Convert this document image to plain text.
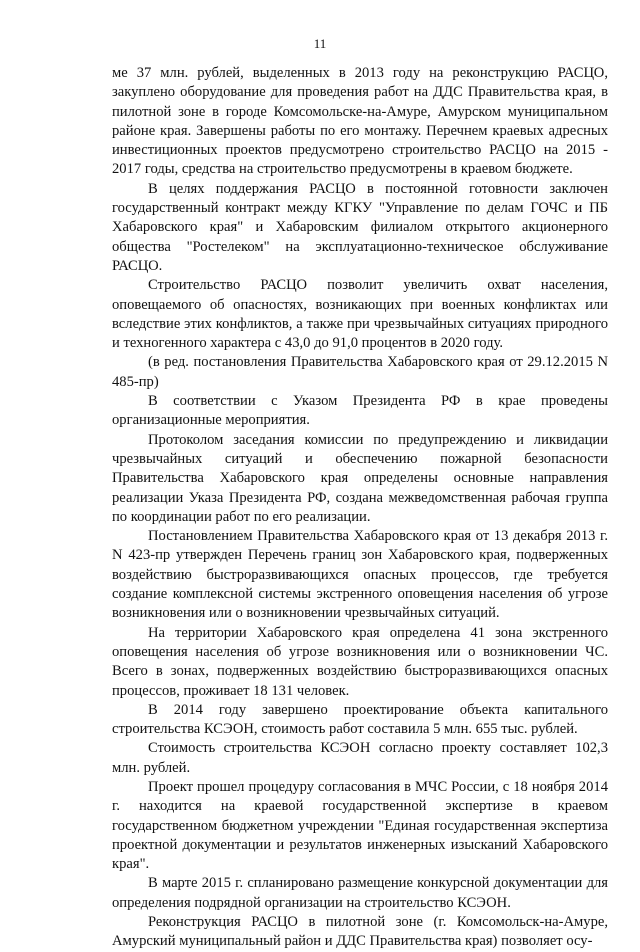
11

ме 37 млн. рублей, выделенных в 2013 году на реконструкцию РАСЦО, закуплено оборудование для проведения работ на ДДС Правительства края, в пилотной зоне в городе Комсомольске-на-Амуре, Амурском муниципальном районе края. Завершены работы по его монтажу. Перечнем краевых адресных инвестиционных проектов предусмотрено строительство РАСЦО на 2015 - 2017 годы, средства на строительство предусмотрены в краевом бюджете.

В целях поддержания РАСЦО в постоянной готовности заключен государственный контракт между КГКУ "Управление по делам ГОЧС и ПБ Хабаровского края" и Хабаровским филиалом открытого акционерного общества "Ростелеком" на эксплуатационно-техническое обслуживание РАСЦО.

Строительство РАСЦО позволит увеличить охват населения, оповещаемого об опасностях, возникающих при военных конфликтах или вследствие этих конфликтов, а также при чрезвычайных ситуациях природного и техногенного характера с 43,0 до 91,0 процентов в 2020 году.

(в ред. постановления Правительства Хабаровского края от 29.12.2015 N 485-пр)

В соответствии с Указом Президента РФ в крае проведены организационные мероприятия.

Протоколом заседания комиссии по предупреждению и ликвидации чрезвычайных ситуаций и обеспечению пожарной безопасности Правительства Хабаровского края определены основные направления реализации Указа Президента РФ, создана межведомственная рабочая группа по координации работ по его реализации.

Постановлением Правительства Хабаровского края от 13 декабря 2013 г. N 423-пр утвержден Перечень границ зон Хабаровского края, подверженных воздействию быстроразвивающихся опасных процессов, где требуется создание комплексной системы экстренного оповещения населения об угрозе возникновения или о возникновении чрезвычайных ситуаций.

На территории Хабаровского края определена 41 зона экстренного оповещения населения об угрозе возникновения или о возникновении ЧС. Всего в зонах, подверженных воздействию быстроразвивающихся опасных процессов, проживает 18 131 человек.

В 2014 году завершено проектирование объекта капитального строительства КСЭОН, стоимость работ составила 5 млн. 655 тыс. рублей.

Стоимость строительства КСЭОН согласно проекту составляет 102,3 млн. рублей.

Проект прошел процедуру согласования в МЧС России, с 18 ноября 2014 г. находится на краевой государственной экспертизе в краевом государственном бюджетном учреждении "Единая государственная экспертиза проектной документации и результатов инженерных изысканий Хабаровского края".

В марте 2015 г. спланировано размещение конкурсной документации для определения подрядной организации на строительство КСЭОН.

Реконструкция РАСЦО в пилотной зоне (г. Комсомольск-на-Амуре, Амурский муниципальный район и ДДС Правительства края) позволяет осу-
